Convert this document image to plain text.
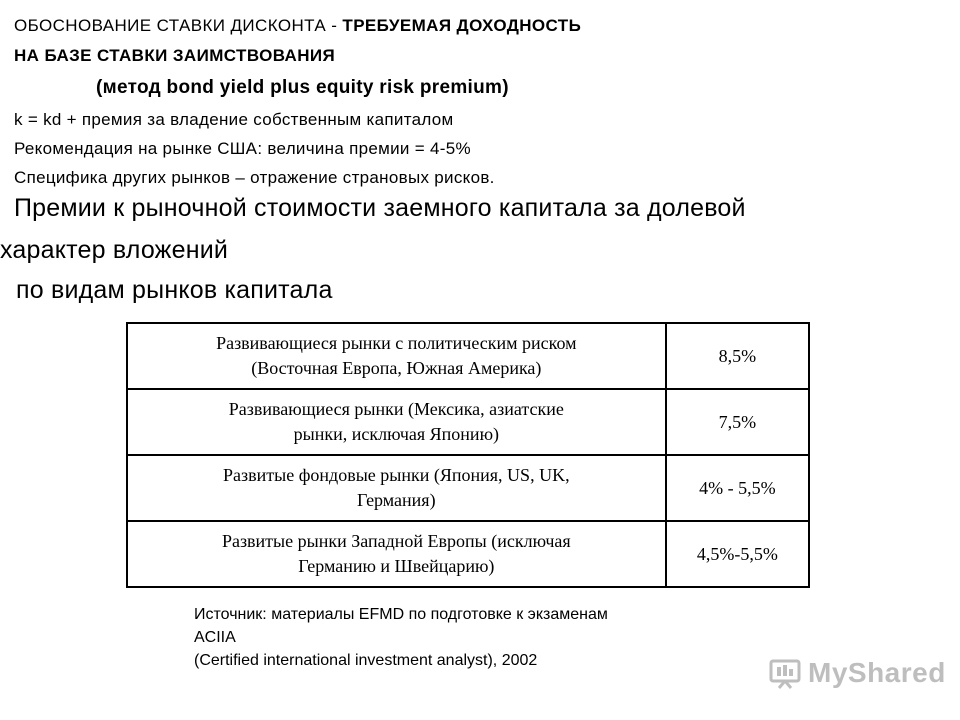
ОБОСНОВАНИЕ СТАВКИ ДИСКОНТА - ТРЕБУЕМАЯ ДОХОДНОСТЬ
НА БАЗЕ СТАВКИ ЗАИМСТВОВАНИЯ
(метод bond yield plus equity risk premium)
k = kd + премия за владение собственным капиталом
Рекомендация на рынке США: величина премии = 4-5%
Специфика других рынков – отражение страновых рисков.
Премии к рыночной стоимости заемного капитала за долевой
характер вложений
по видам рынков капитала
Развивающиеся рынки с политическим риском
(Восточная Европа, Южная Америка)	8,5%

Развивающиеся рынки (Мексика, азиатские
рынки, исключая Японию)	7,5%

Развитые фондовые рынки (Япония, US, UK,
Германия)	4% - 5,5%

Развитые рынки Западной Европы (исключая
Германию и Швейцарию)	4,5%-5,5%
Источник: материалы EFMD по подготовке к экзаменам
ACIIA
(Certified international investment analyst), 2002	MyShared
